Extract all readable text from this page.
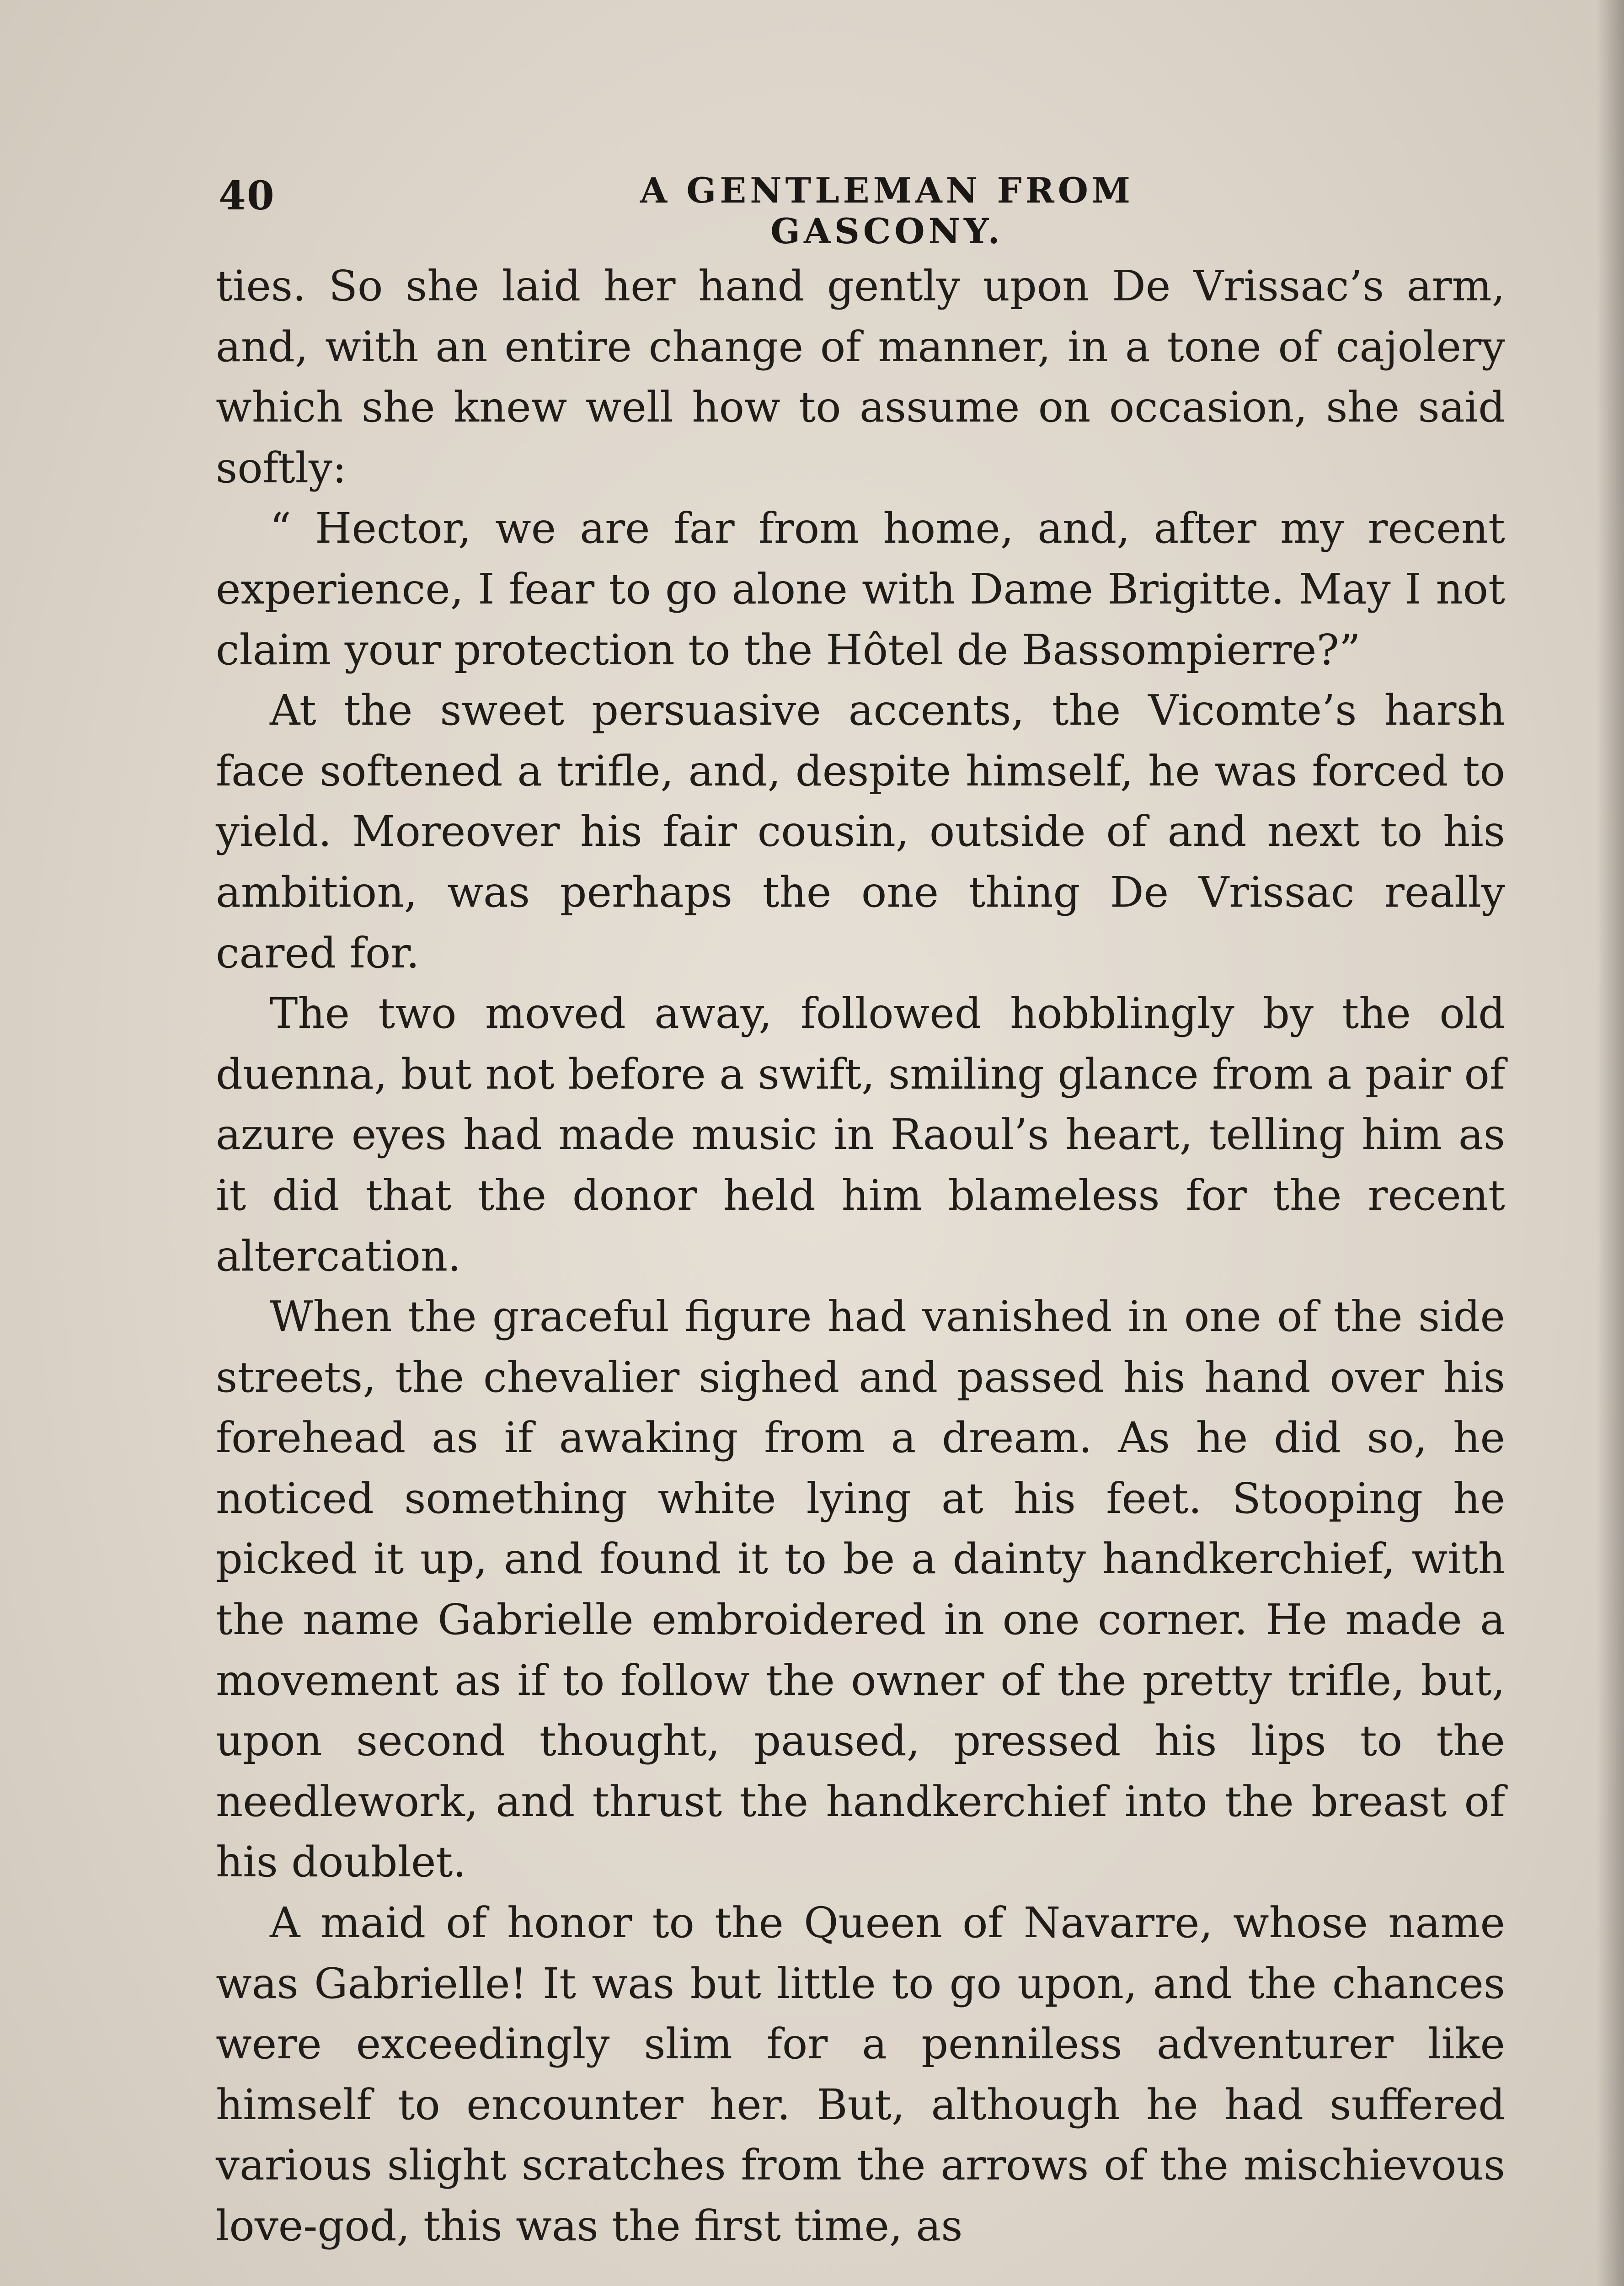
40	A GENTLEMAN FROM GASCONY.

ties. So she laid her hand gently upon De Vrissac’s arm, and, with an entire change of manner, in a tone of cajolery which she knew well how to assume on occasion, she said softly:

“ Hector, we are far from home, and, after my recent experience, I fear to go alone with Dame Brigitte. May I not claim your protection to the Hôtel de Bassompierre?”

At the sweet persuasive accents, the Vicomte’s harsh face softened a trifle, and, despite himself, he was forced to yield. Moreover his fair cousin, outside of and next to his ambition, was perhaps the one thing De Vrissac really cared for.

The two moved away, followed hobblingly by the old duenna, but not before a swift, smiling glance from a pair of azure eyes had made music in Raoul’s heart, telling him as it did that the donor held him blameless for the recent altercation.

When the graceful figure had vanished in one of the side streets, the chevalier sighed and passed his hand over his forehead as if awaking from a dream. As he did so, he noticed something white lying at his feet. Stooping he picked it up, and found it to be a dainty handkerchief, with the name Gabrielle embroidered in one corner. He made a movement as if to follow the owner of the pretty trifle, but, upon second thought, paused, pressed his lips to the needlework, and thrust the handkerchief into the breast of his doublet.

A maid of honor to the Queen of Navarre, whose name was Gabrielle! It was but little to go upon, and the chances were exceedingly slim for a penniless adventurer like himself to encounter her. But, although he had suffered various slight scratches from the arrows of the mischievous love-god, this was the first time, as
